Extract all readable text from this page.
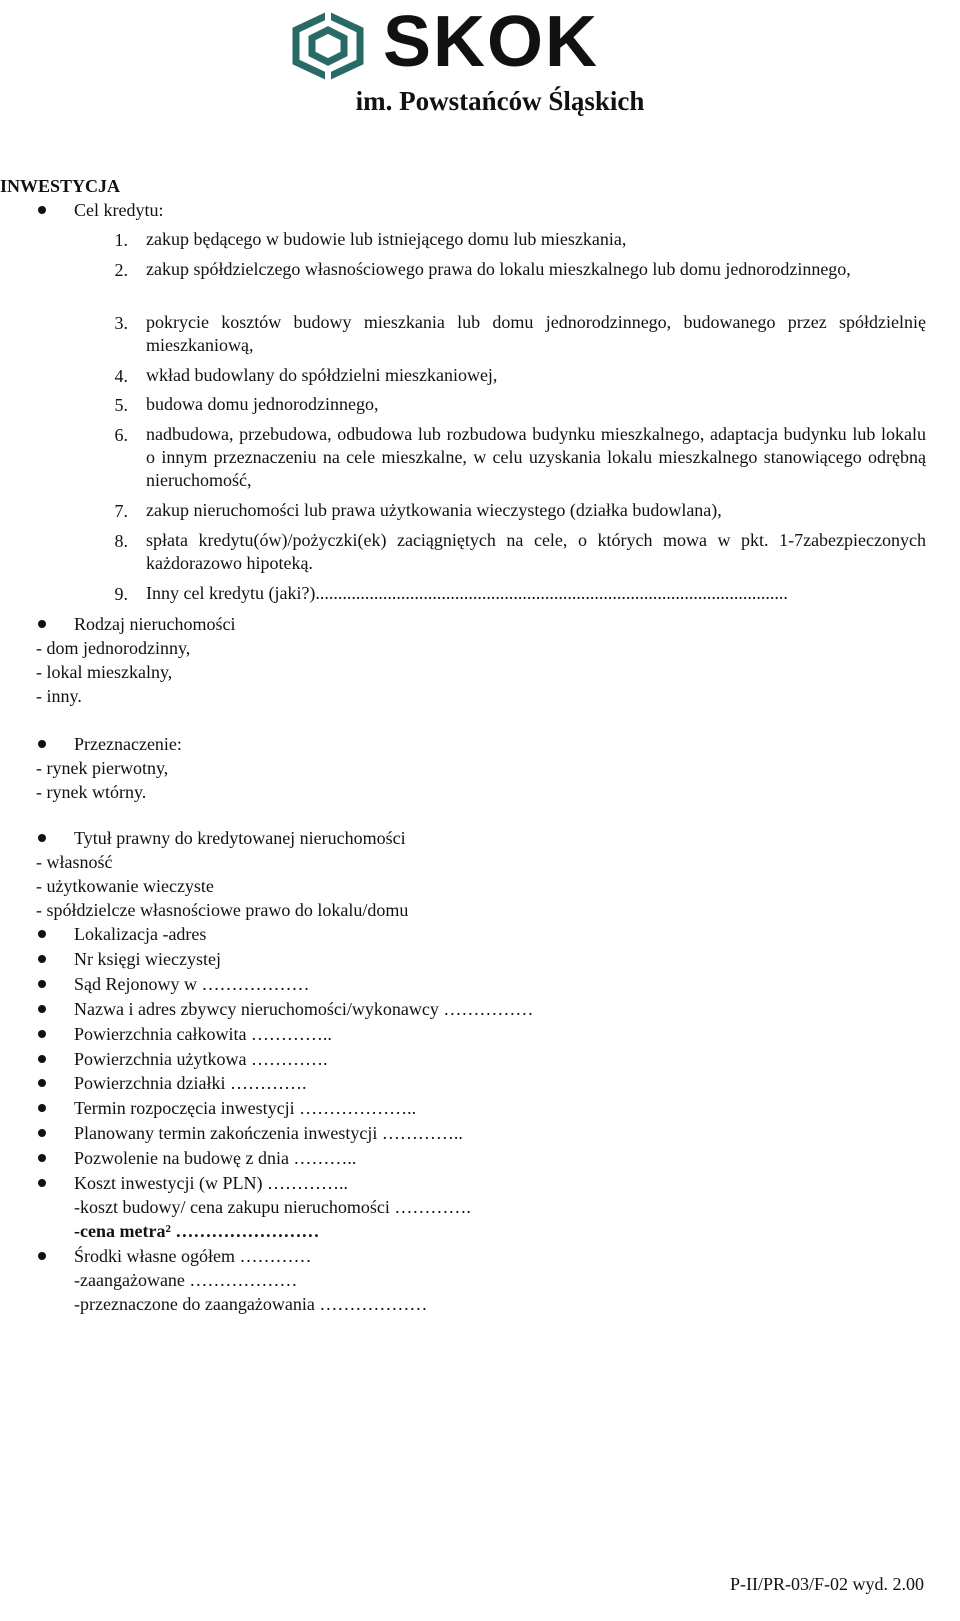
SKOK
im. Powstańców Śląskich
INWESTYCJA
Cel kredytu:
1. zakup będącego w budowie lub istniejącego domu lub mieszkania,
2. zakup spółdzielczego własnościowego prawa do lokalu mieszkalnego lub domu jednorodzinnego,
3. pokrycie kosztów budowy mieszkania lub domu jednorodzinnego, budowanego przez spółdzielnię mieszkaniową,
4. wkład budowlany do spółdzielni mieszkaniowej,
5. budowa domu jednorodzinnego,
6. nadbudowa, przebudowa, odbudowa lub rozbudowa budynku mieszkalnego, adaptacja budynku lub lokalu o innym przeznaczeniu na cele mieszkalne, w celu uzyskania lokalu mieszkalnego stanowiącego odrębną nieruchomość,
7. zakup nieruchomości lub prawa użytkowania wieczystego (działka budowlana),
8. spłata kredytu(ów)/pożyczki(ek) zaciągniętych na cele, o których mowa w pkt. 1-7zabezpieczonych każdorazowo hipoteką.
9. Inny cel kredytu (jaki?).........................................................................................................
Rodzaj nieruchomości
- dom jednorodzinny,
- lokal mieszkalny,
- inny.
Przeznaczenie:
- rynek pierwotny,
- rynek wtórny.
Tytuł prawny do kredytowanej nieruchomości
- własność
- użytkowanie wieczyste
- spółdzielcze własnościowe prawo do lokalu/domu
Lokalizacja -adres
Nr księgi wieczystej
Sąd Rejonowy w ………………
Nazwa i adres zbywcy nieruchomości/wykonawcy ……………
Powierzchnia całkowita …………..
Powierzchnia użytkowa ………….
Powierzchnia działki ………….
Termin rozpoczęcia inwestycji ………………..
Planowany termin zakończenia inwestycji …………..
Pozwolenie na budowę z dnia ………..
Koszt inwestycji (w PLN) …………..
-koszt budowy/ cena zakupu nieruchomości ………….
-cena metra² ……………………
Środki własne ogółem …………
-zaangażowane ………………
-przeznaczone do zaangażowania ………………
P-II/PR-03/F-02 wyd. 2.00
